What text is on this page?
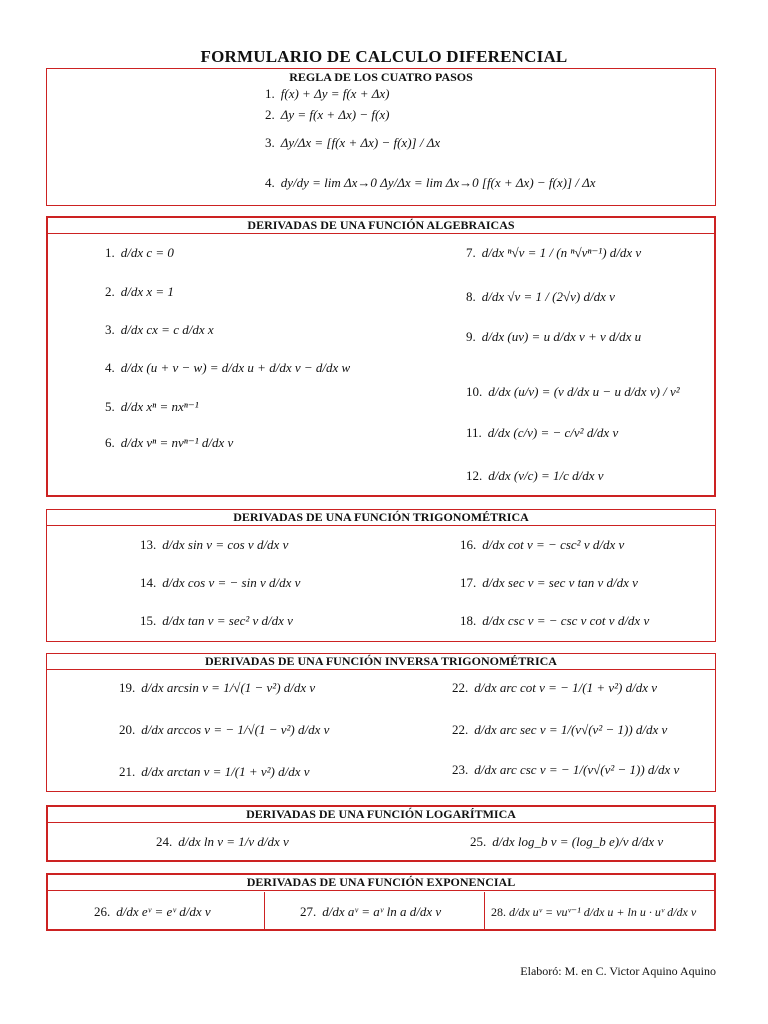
FORMULARIO DE CALCULO DIFERENCIAL
REGLA DE LOS CUATRO PASOS
1. f(x) + Δy = f(x + Δx)
2. Δy = f(x + Δx) − f(x)
3. Δy/Δx = [f(x + Δx) − f(x)] / Δx
4. dy/dy = lim Δx→0 Δy/Δx = lim Δx→0 [f(x + Δx) − f(x)] / Δx
DERIVADAS DE UNA FUNCIÓN ALGEBRAICAS
1. d/dx c = 0
2. d/dx x = 1
3. d/dx cx = c d/dx x
4. d/dx (u + v − w) = d/dx u + d/dx v − d/dx w
5. d/dx xⁿ = nxⁿ⁻¹
6. d/dx vⁿ = nvⁿ⁻¹ d/dx v
7. d/dx ⁿ√v = 1 / (n ⁿ√vⁿ⁻¹) d/dx v
8. d/dx √v = 1 / (2√v) d/dx v
9. d/dx (uv) = u d/dx v + v d/dx u
10. d/dx (u/v) = (v d/dx u − u d/dx v) / v²
11. d/dx (c/v) = − c/v² d/dx v
12. d/dx (v/c) = 1/c d/dx v
DERIVADAS DE UNA FUNCIÓN TRIGONOMÉTRICA
13. d/dx sin v = cos v d/dx v
14. d/dx cos v = − sin v d/dx v
15. d/dx tan v = sec² v d/dx v
16. d/dx cot v = − csc² v d/dx v
17. d/dx sec v = sec v tan v d/dx v
18. d/dx csc v = − csc v cot v d/dx v
DERIVADAS DE UNA FUNCIÓN INVERSA TRIGONOMÉTRICA
19. d/dx arcsin v = 1/√(1 − v²) d/dx v
20. d/dx arccos v = − 1/√(1 − v²) d/dx v
21. d/dx arctan v = 1/(1 + v²) d/dx v
22. d/dx arc cot v = − 1/(1 + v²) d/dx v
22. d/dx arc sec v = 1/(v√(v² − 1)) d/dx v
23. d/dx arc csc v = − 1/(v√(v² − 1)) d/dx v
DERIVADAS DE UNA FUNCIÓN LOGARÍTMICA
24. d/dx ln v = 1/v d/dx v	25. d/dx log_b v = (log_b e)/v d/dx v
DERIVADAS DE UNA FUNCIÓN EXPONENCIAL
26. d/dx eᵛ = eᵛ d/dx v	27. d/dx aᵛ = aᵛ ln a d/dx v	28. d/dx uᵛ = vuᵛ⁻¹ d/dx u + ln u · uᵛ d/dx v
Elaboró: M. en C. Victor Aquino Aquino
